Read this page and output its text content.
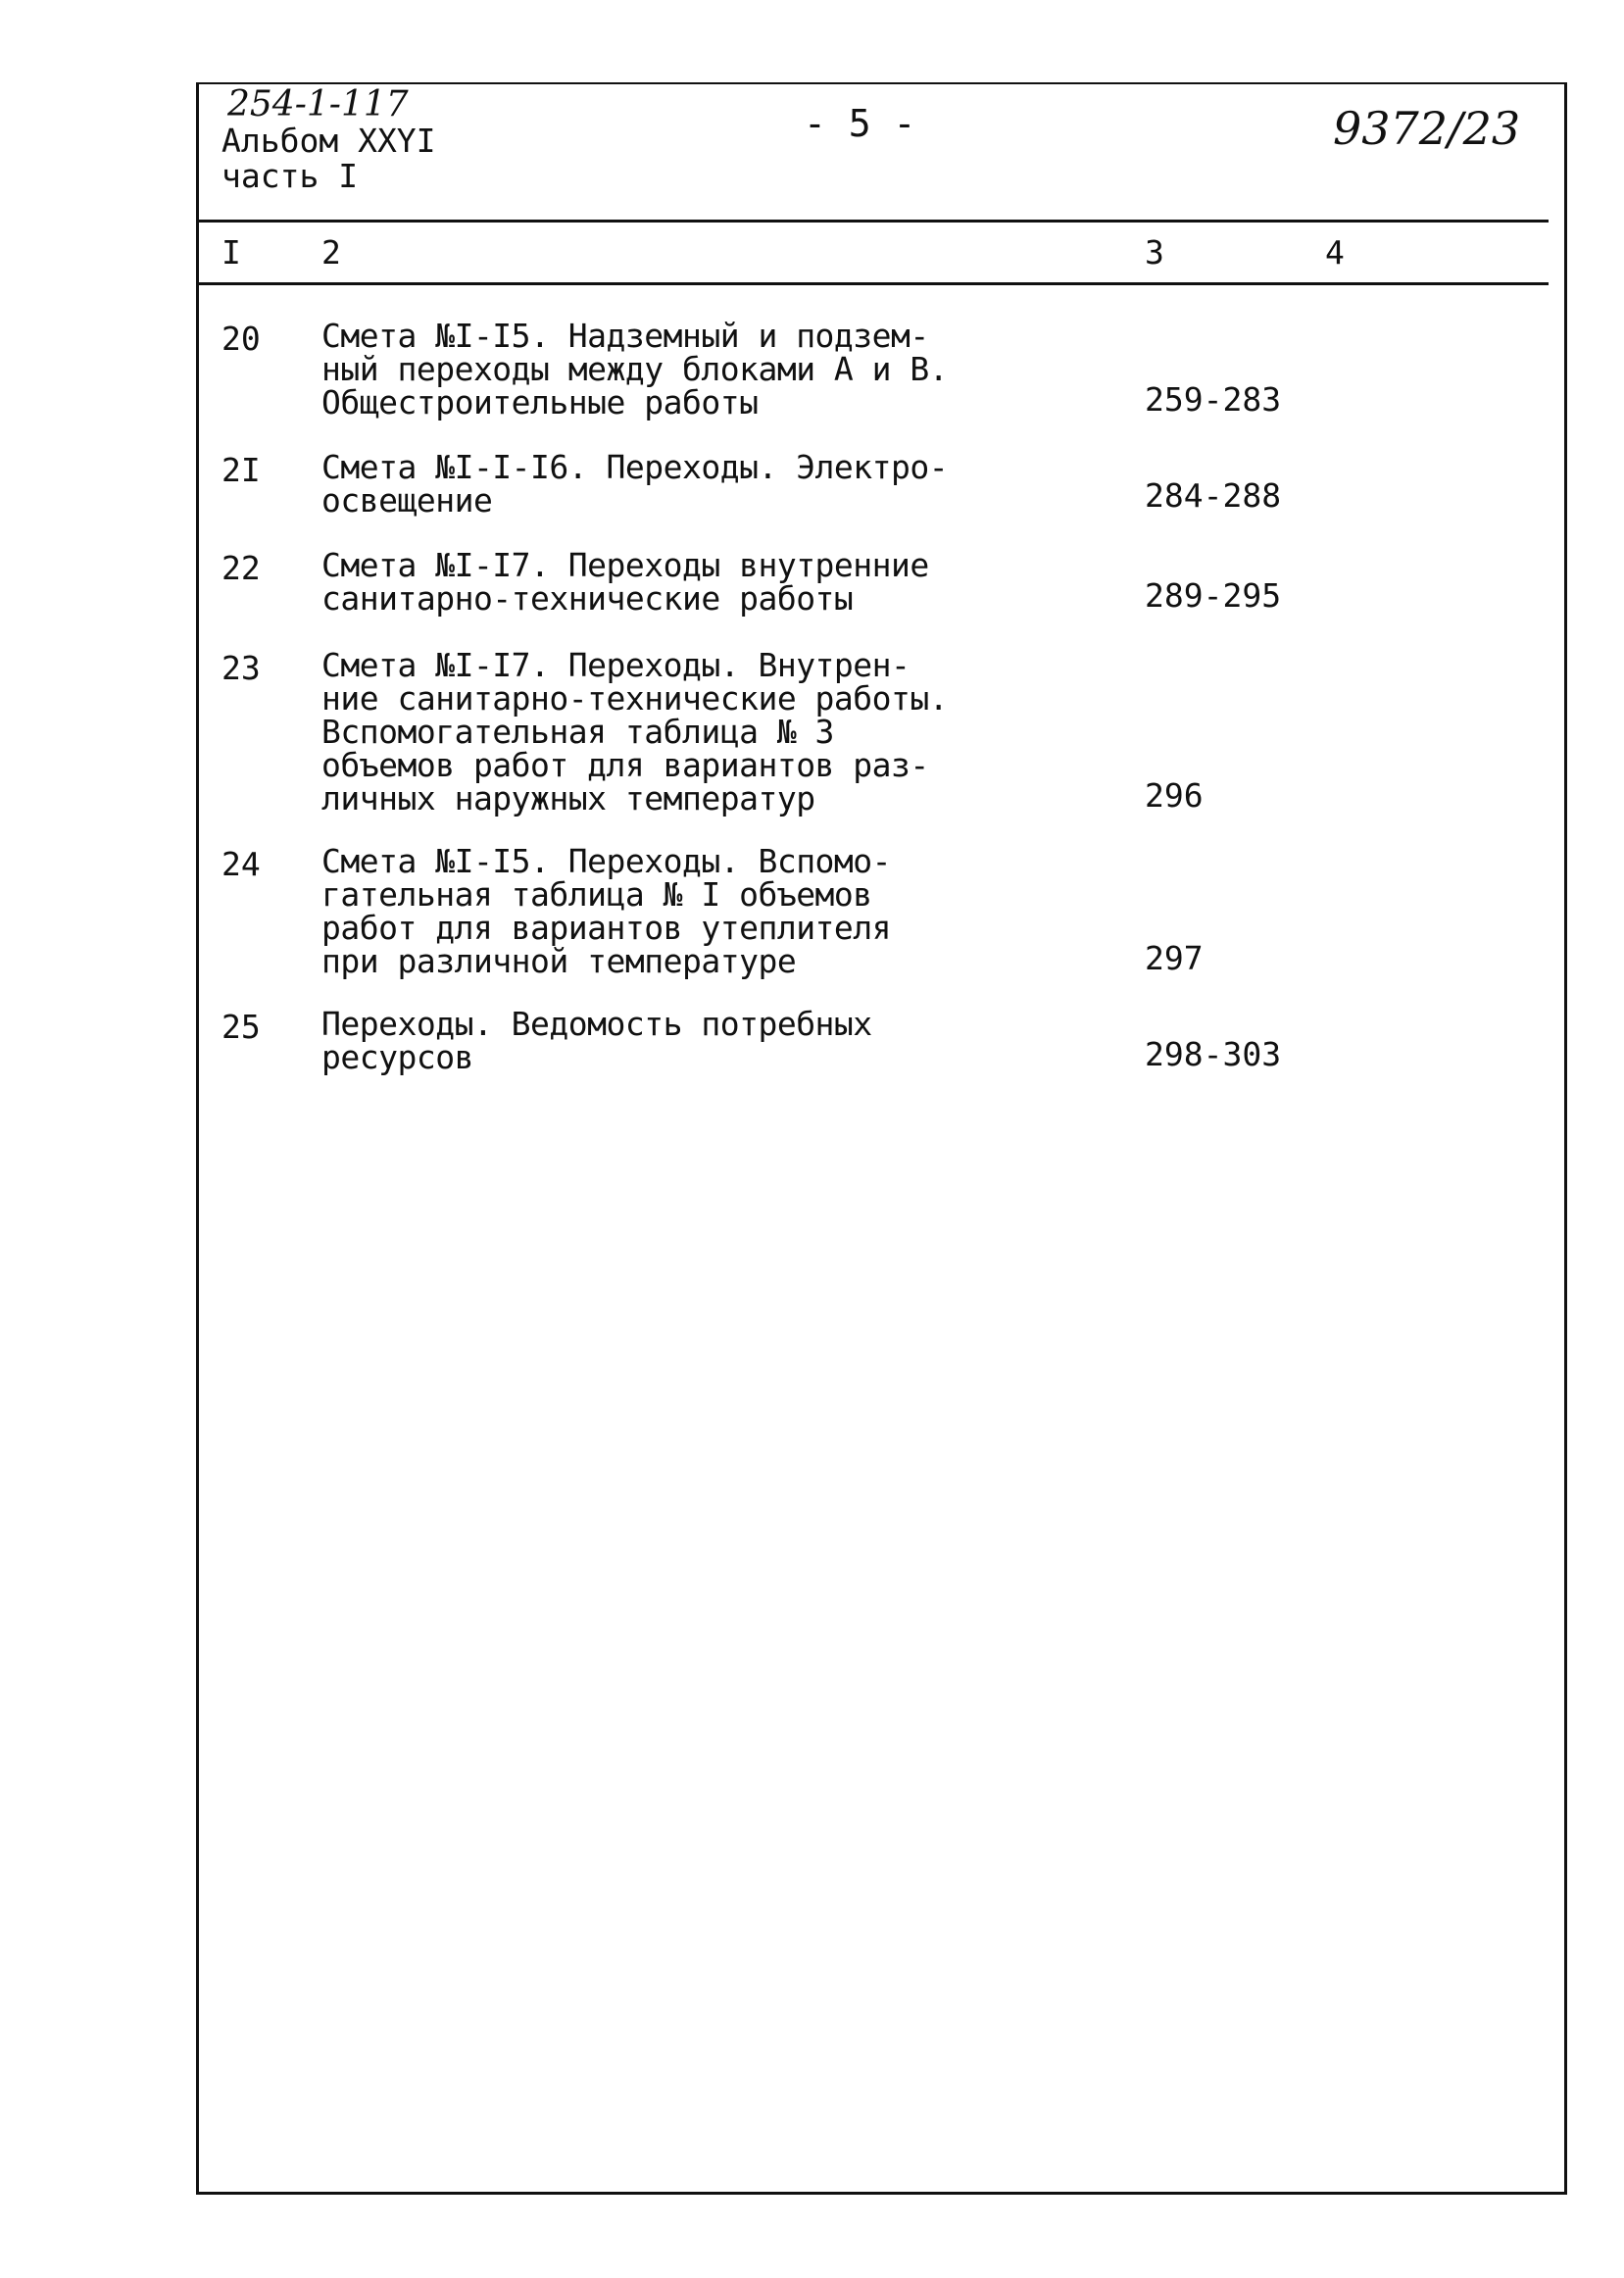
254-1-117
Альбом XXYI
часть I
- 5 -	9372/23
I 2	3	4
20 Смета №I-I5. Надземный и подзем-
ный переходы между блоками А и В.
Общестроительные работы	259-283
2I Смета №I-I-I6. Переходы. Электро-
освещение	284-288
22 Смета №I-I7. Переходы внутренние
санитарно-технические работы	289-295
23 Смета №I-I7. Переходы. Внутрен-
ние санитарно-технические работы.
Вспомогательная таблица № 3
объемов работ для вариантов раз-
личных наружных температур	296
24 Смета №I-I5. Переходы. Вспомо-
гательная таблица № I объемов
работ для вариантов утеплителя
при различной температуре	297
25 Переходы. Ведомость потребных
ресурсов	298-303
